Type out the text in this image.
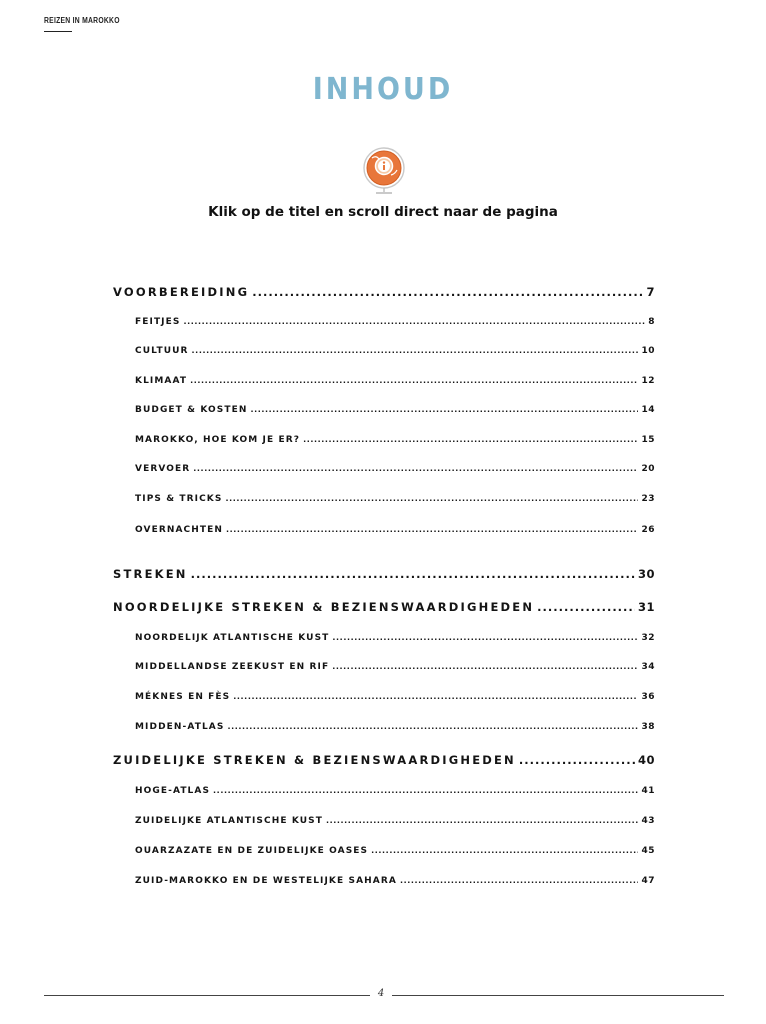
REIZEN IN MAROKKO
INHOUD
Klik op de titel en scroll direct naar de pagina
VOORBEREIDING .....	7
FEITJES .....	8
CULTUUR .....	10
KLIMAAT .....	12
BUDGET & KOSTEN .....	14
MAROKKO, HOE KOM JE ER? .....	15
VERVOER .....	20
TIPS & TRICKS .....	23
OVERNACHTEN .....	26
STREKEN .....	30
NOORDELIJKE STREKEN & BEZIENSWAARDIGHEDEN .....	31
NOORDELIJK ATLANTISCHE KUST .....	32
MIDDELLANDSE ZEEKUST EN RIF .....	34
MÉKNES EN FÈS .....	36
MIDDEN-ATLAS .....	38
ZUIDELIJKE STREKEN & BEZIENSWAARDIGHEDEN .....	40
HOGE-ATLAS .....	41
ZUIDELIJKE ATLANTISCHE KUST .....	43
OUARZAZATE EN DE ZUIDELIJKE OASES .....	45
ZUID-MAROKKO EN DE WESTELIJKE SAHARA .....	47
4
